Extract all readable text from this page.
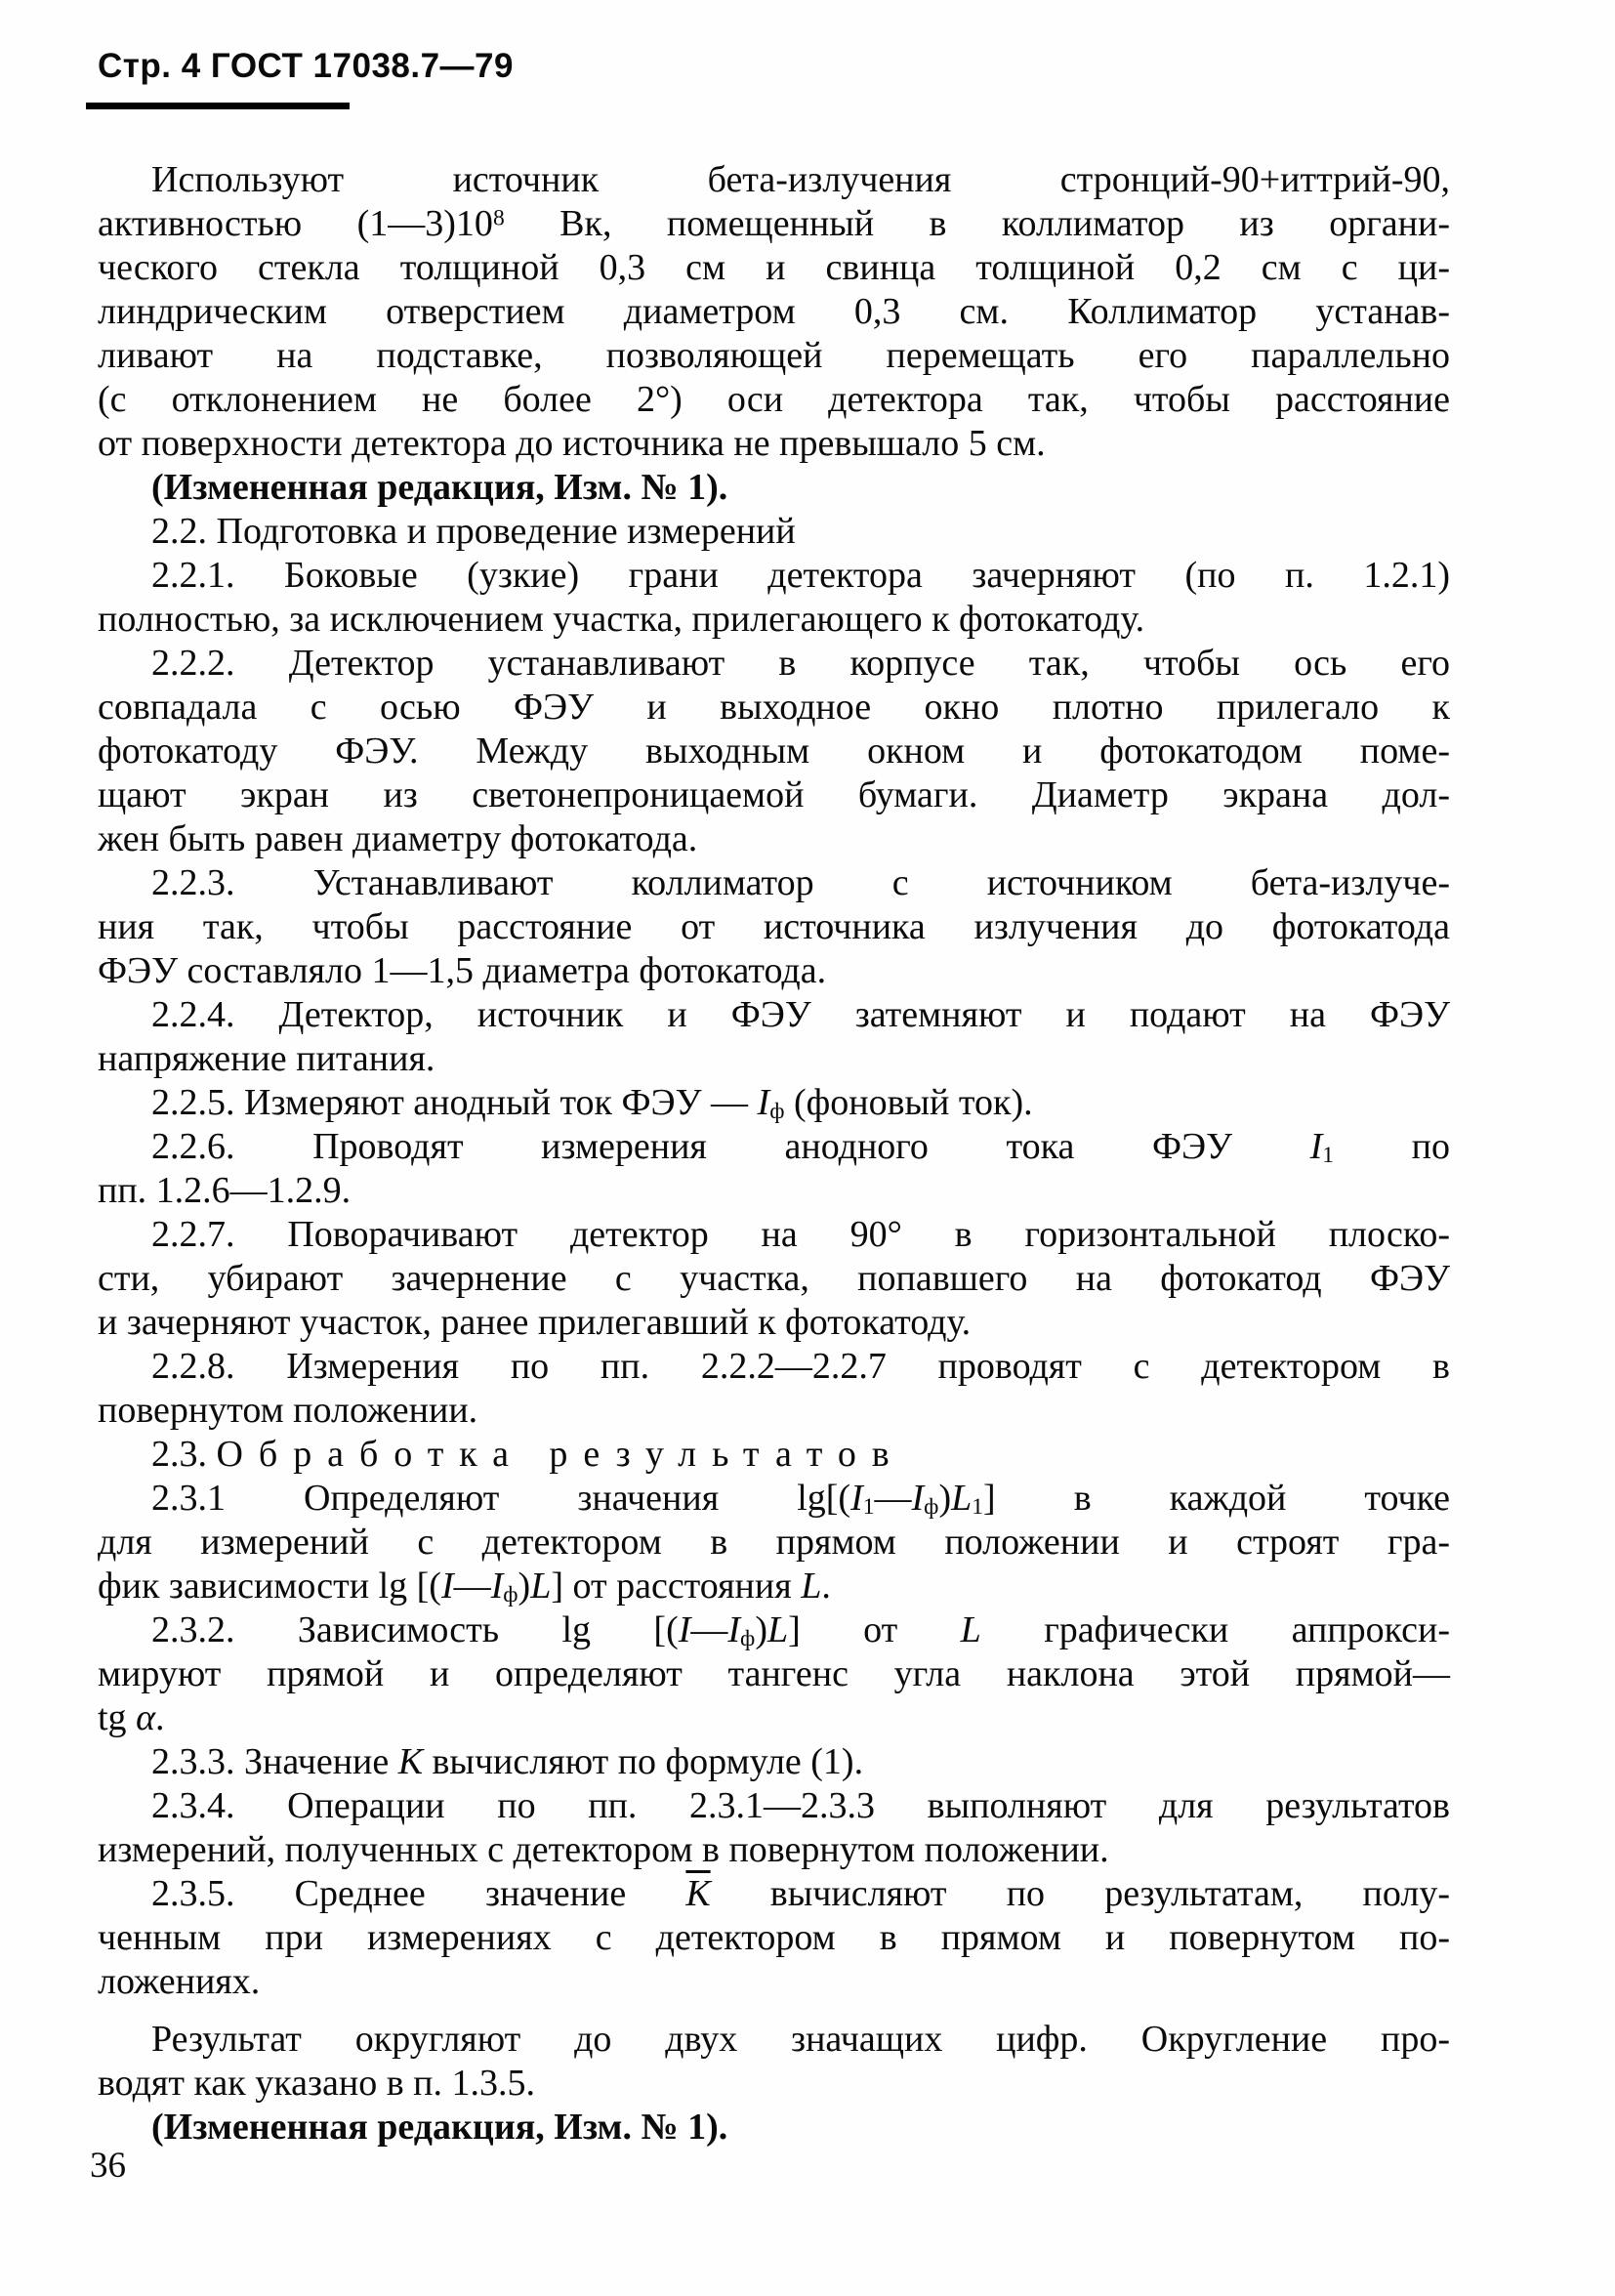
Стр. 4 ГОСТ 17038.7—79
Используют источник бета-излучения стронций-90+иттрий-90,
активностью $(1—3)10^8$ Вк, помещенный в коллиматор из органи-
ческого стекла толщиной 0,3 см и свинца толщиной 0,2 см с ци-
линдрическим отверстием диаметром 0,3 см. Коллиматор устанав-
ливают на подставке, позволяющей перемещать его параллельно
(с отклонением не более 2°) оси детектора так, чтобы расстояние
от поверхности детектора до источника не превышало 5 см.
(Измененная редакция, Изм. № 1).
2.2. Подготовка и проведение измерений
2.2.1. Боковые (узкие) грани детектора зачерняют (по п. 1.2.1)
полностью, за исключением участка, прилегающего к фотокатоду.
2.2.2. Детектор устанавливают в корпусе так, чтобы ось его
совпадала с осью ФЭУ и выходное окно плотно прилегало к
фотокатоду ФЭУ. Между выходным окном и фотокатодом поме-
щают экран из светонепроницаемой бумаги. Диаметр экрана дол-
жен быть равен диаметру фотокатода.
2.2.3. Устанавливают коллиматор с источником бета-излуче-
ния так, чтобы расстояние от источника излучения до фотокатода
ФЭУ составляло 1—1,5 диаметра фотокатода.
2.2.4. Детектор, источник и ФЭУ затемняют и подают на ФЭУ
напряжение питания.
2.2.5. Измеряют анодный ток ФЭУ — $I_ф$ (фоновый ток).
2.2.6. Проводят измерения анодного тока ФЭУ $I_1$ по
пп. 1.2.6—1.2.9.
2.2.7. Поворачивают детектор на 90° в горизонтальной плоско-
сти, убирают зачернение с участка, попавшего на фотокатод ФЭУ
и зачерняют участок, ранее прилегавший к фотокатоду.
2.2.8. Измерения по пп. 2.2.2—2.2.7 проводят с детектором в
повернутом положении.
2.3. Обработка результатов
2.3.1 Определяют значения $\lg[(I_1—I_ф)L_1]$ в каждой точке
для измерений с детектором в прямом положении и строят гра-
фик зависимости $\lg [(I—I_ф)L]$ от расстояния L.
2.3.2. Зависимость $\lg [(I—I_ф)L]$ от L графически аппрокси-
мируют прямой и определяют тангенс угла наклона этой прямой—
tg α.
2.3.3. Значение К вычисляют по формуле (1).
2.3.4. Операции по пп. 2.3.1—2.3.3 выполняют для результатов
измерений, полученных с детектором в повернутом положении.
2.3.5. Среднее значение К вычисляют по результатам, полу-
ченным при измерениях с детектором в прямом и повернутом по-
ложениях.
Результат округляют до двух значащих цифр. Округление про-
водят как указано в п. 1.3.5.
(Измененная редакция, Изм. № 1).
36
